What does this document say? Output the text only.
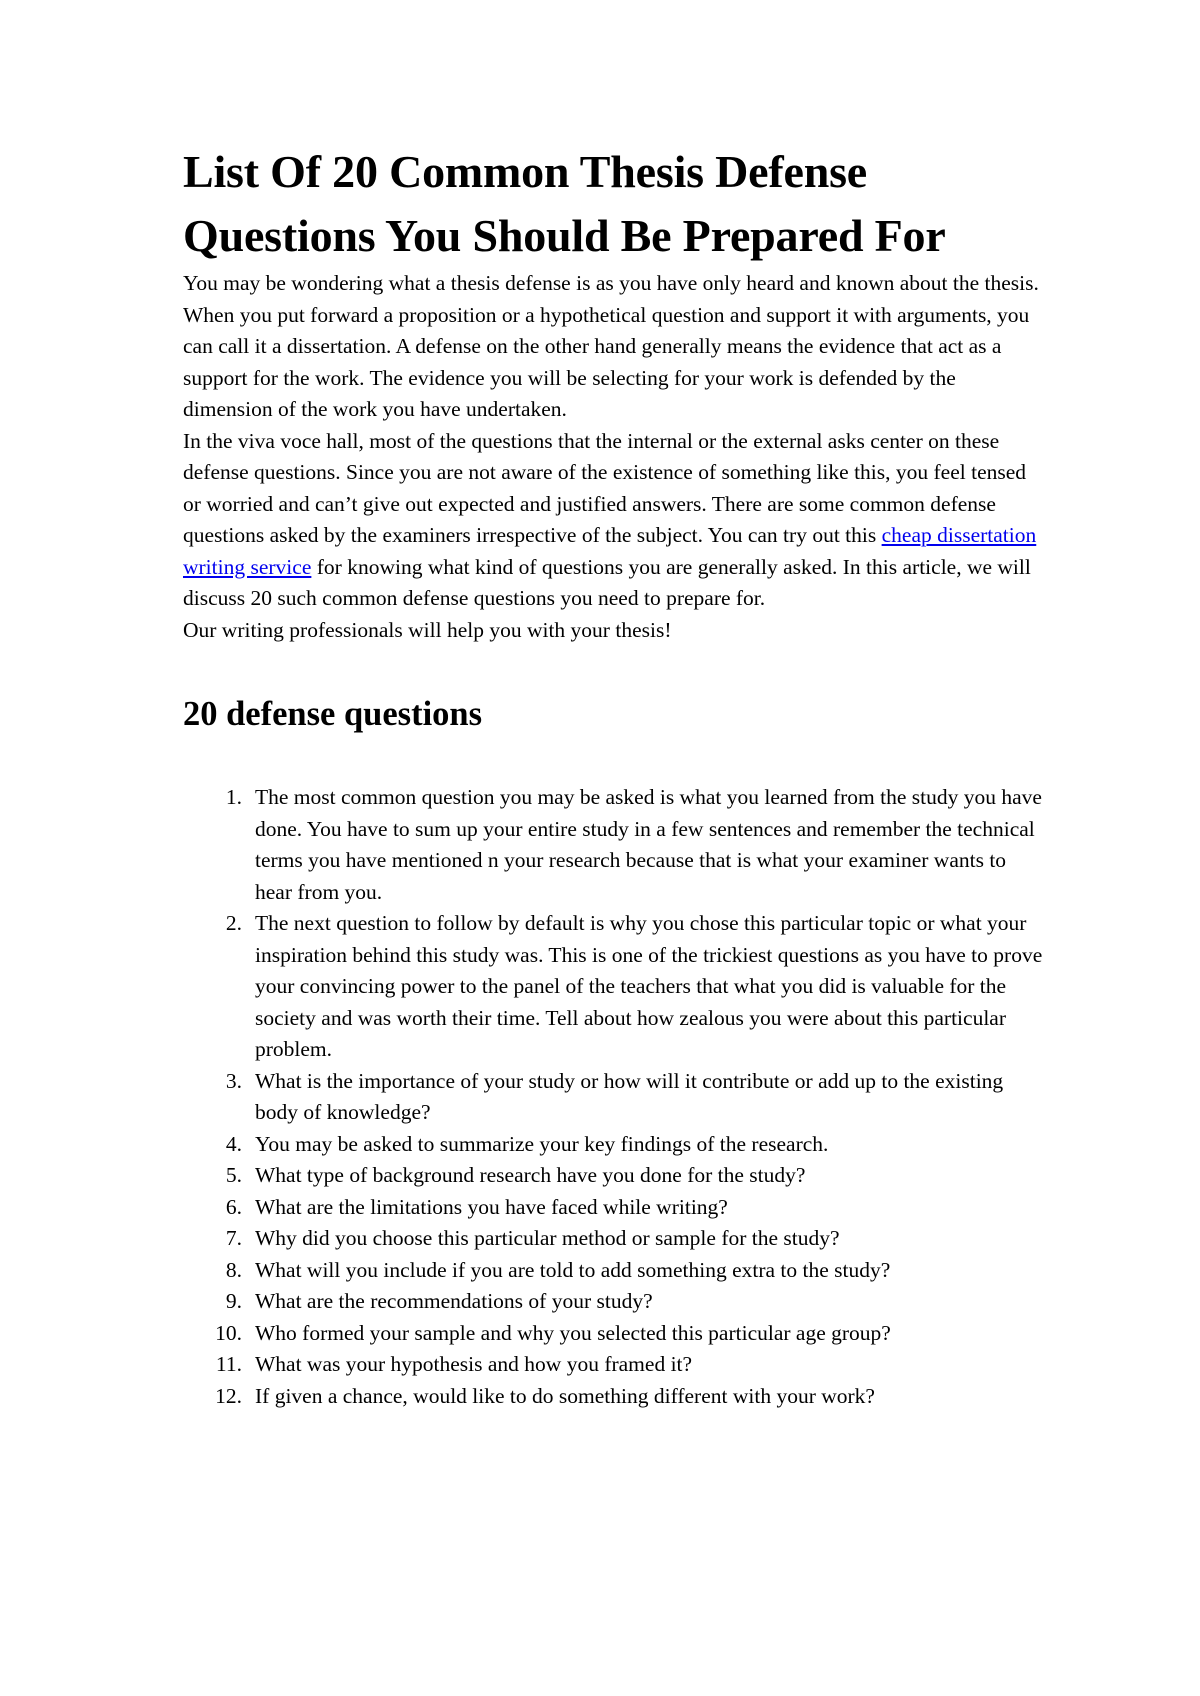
List Of 20 Common Thesis Defense Questions You Should Be Prepared For

You may be wondering what a thesis defense is as you have only heard and known about the thesis. When you put forward a proposition or a hypothetical question and support it with arguments, you can call it a dissertation. A defense on the other hand generally means the evidence that act as a support for the work. The evidence you will be selecting for your work is defended by the dimension of the work you have undertaken.

In the viva voce hall, most of the questions that the internal or the external asks center on these defense questions. Since you are not aware of the existence of something like this, you feel tensed or worried and can’t give out expected and justified answers. There are some common defense questions asked by the examiners irrespective of the subject. You can try out this cheap dissertation writing service for knowing what kind of questions you are generally asked. In this article, we will discuss 20 such common defense questions you need to prepare for.

Our writing professionals will help you with your thesis!

20 defense questions
1. The most common question you may be asked is what you learned from the study you have done. You have to sum up your entire study in a few sentences and remember the technical terms you have mentioned n your research because that is what your examiner wants to hear from you.
2. The next question to follow by default is why you chose this particular topic or what your inspiration behind this study was. This is one of the trickiest questions as you have to prove your convincing power to the panel of the teachers that what you did is valuable for the society and was worth their time. Tell about how zealous you were about this particular problem.
3. What is the importance of your study or how will it contribute or add up to the existing body of knowledge?
4. You may be asked to summarize your key findings of the research.
5. What type of background research have you done for the study?
6. What are the limitations you have faced while writing?
7. Why did you choose this particular method or sample for the study?
8. What will you include if you are told to add something extra to the study?
9. What are the recommendations of your study?
10. Who formed your sample and why you selected this particular age group?
11. What was your hypothesis and how you framed it?
12. If given a chance, would like to do something different with your work?
